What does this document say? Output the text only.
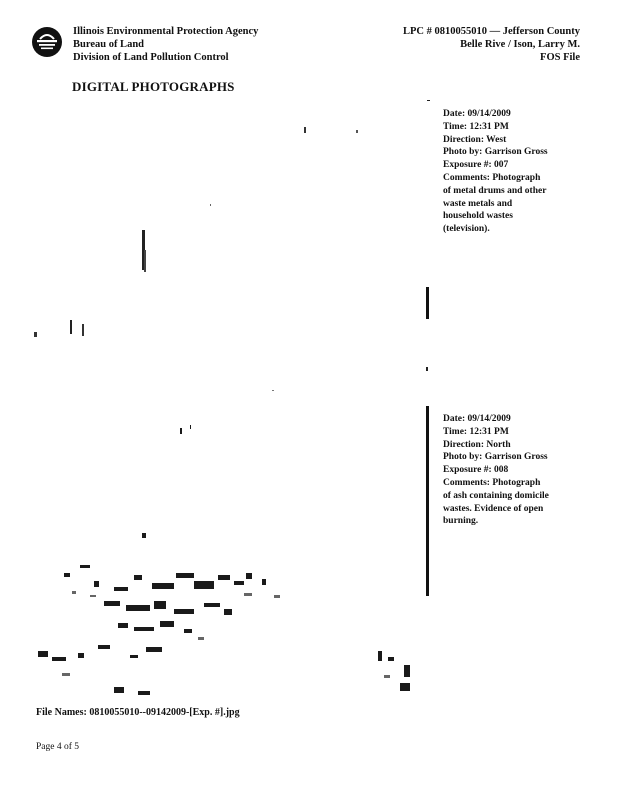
Illinois Environmental Protection Agency
Bureau of Land
Division of Land Pollution Control
LPC # 0810055010 — Jefferson County
Belle Rive / Ison, Larry M.
FOS File
DIGITAL PHOTOGRAPHS
Date: 09/14/2009
Time: 12:31 PM
Direction: West
Photo by: Garrison Gross
Exposure #: 007
Comments: Photograph
of metal drums and other
waste metals and
household wastes
(television).
Date: 09/14/2009
Time: 12:31 PM
Direction: North
Photo by: Garrison Gross
Exposure #: 008
Comments: Photograph
of ash containing domicile
wastes. Evidence of open
burning.
File Names: 0810055010--09142009-[Exp. #].jpg
Page 4 of 5
